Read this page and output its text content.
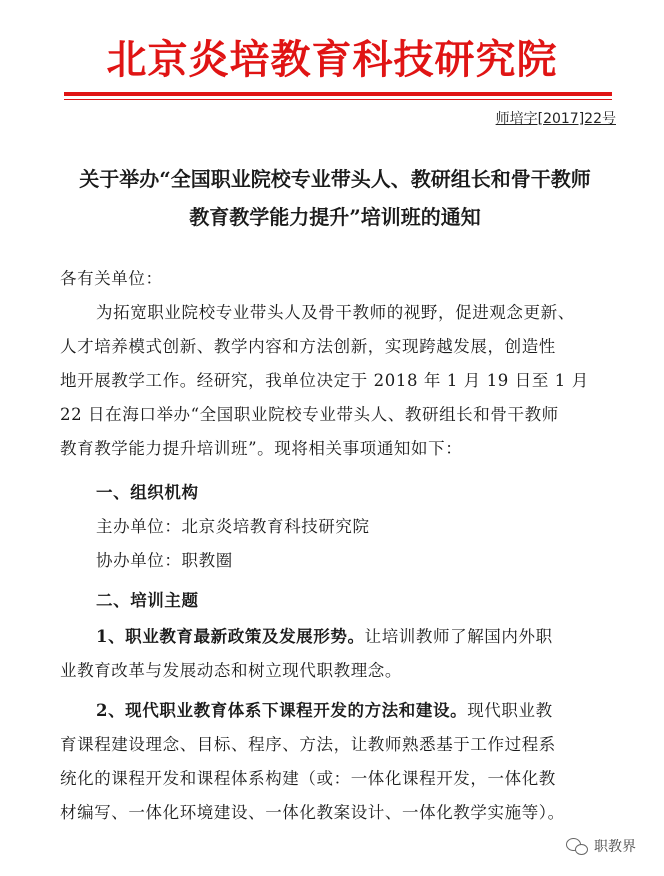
北京炎培教育科技研究院
师培字[2017]22号
关于举办“全国职业院校专业带头人、教研组长和骨干教师
教育教学能力提升”培训班的通知
各有关单位：
为拓宽职业院校专业带头人及骨干教师的视野，促进观念更新、
人才培养模式创新、教学内容和方法创新，实现跨越发展，创造性
地开展教学工作。经研究，我单位决定于 2018 年 1 月 19 日至 1 月
22 日在海口举办“全国职业院校专业带头人、教研组长和骨干教师
教育教学能力提升培训班”。现将相关事项通知如下：
一、组织机构
主办单位：北京炎培教育科技研究院
协办单位：职教圈
二、培训主题
1、职业教育最新政策及发展形势。让培训教师了解国内外职
业教育改革与发展动态和树立现代职教理念。
2、现代职业教育体系下课程开发的方法和建设。现代职业教
育课程建设理念、目标、程序、方法，让教师熟悉基于工作过程系
统化的课程开发和课程体系构建（或：一体化课程开发，一体化教
材编写、一体化环境建设、一体化教案设计、一体化教学实施等）。
职教界
